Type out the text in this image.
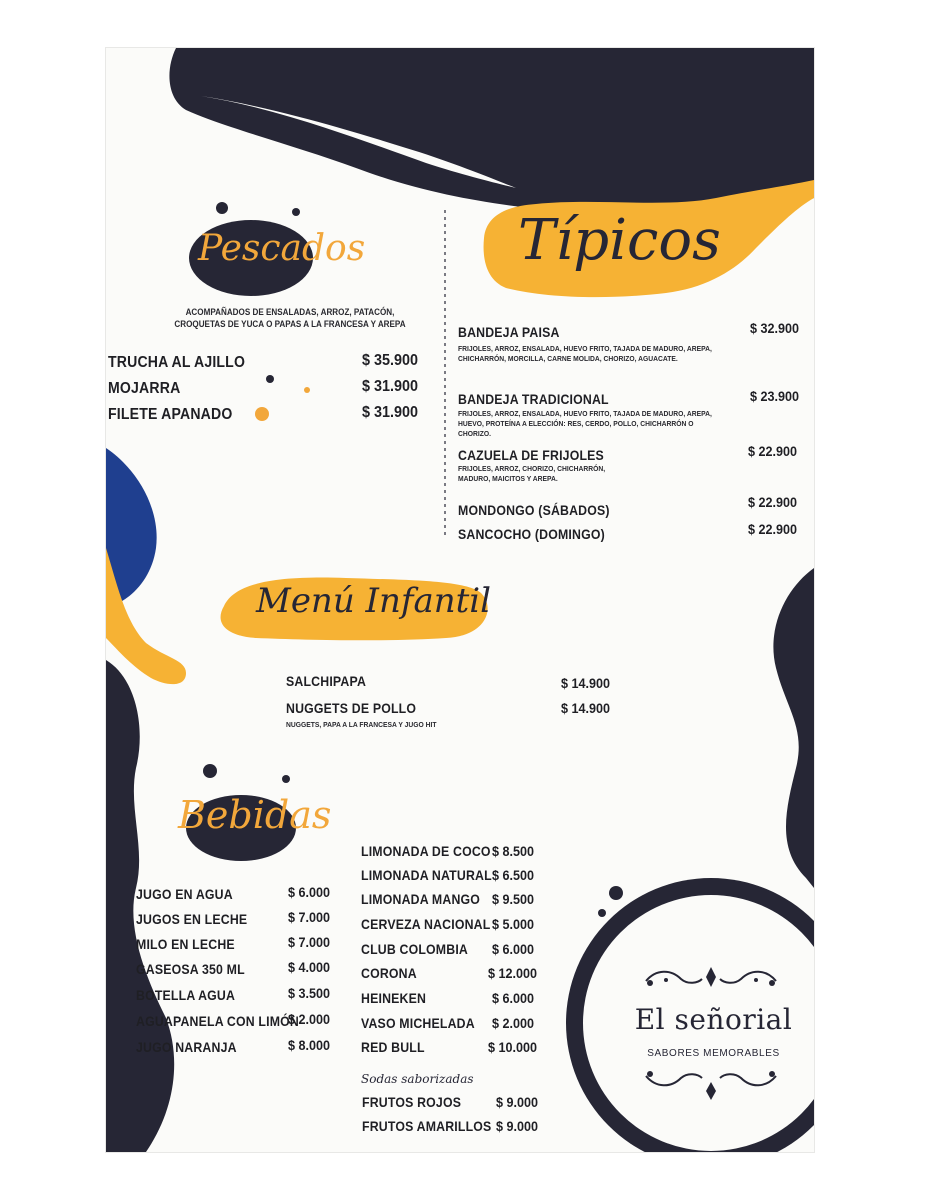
Pescados
ACOMPAÑADOS DE ENSALADAS, ARROZ, PATACÓN,
CROQUETAS DE YUCA O PAPAS A LA FRANCESA Y AREPA
TRUCHA AL AJILLO	$ 35.900
MOJARRA	$ 31.900
FILETE APANADO	$ 31.900
Típicos
BANDEJA PAISA	$ 32.900
FRIJOLES, ARROZ, ENSALADA, HUEVO FRITO, TAJADA DE MADURO, AREPA, CHICHARRÓN, MORCILLA, CARNE MOLIDA, CHORIZO, AGUACATE.
BANDEJA TRADICIONAL	$ 23.900
FRIJOLES, ARROZ, ENSALADA, HUEVO FRITO, TAJADA DE MADURO, AREPA, HUEVO, PROTEÍNA A ELECCIÓN: RES, CERDO, POLLO, CHICHARRÓN O CHORIZO.
CAZUELA DE FRIJOLES	$ 22.900
FRIJOLES, ARROZ, CHORIZO, CHICHARRÓN, MADURO, MAICITOS Y AREPA.
MONDONGO (SÁBADOS)	$ 22.900
SANCOCHO (DOMINGO)	$ 22.900
Menú Infantil
SALCHIPAPA	$ 14.900
NUGGETS DE POLLO	$ 14.900
NUGGETS, PAPA A LA FRANCESA Y JUGO HIT
Bebidas
JUGO EN AGUA	$ 6.000
JUGOS EN LECHE	$ 7.000
MILO EN LECHE	$ 7.000
GASEOSA 350 ML	$ 4.000
BOTELLA AGUA	$ 3.500
AGUAPANELA CON LIMÓN
$ 2.000
JUGO NARANJA	$ 8.000
LIMONADA DE COCO $ 8.500
LIMONADA NATURAL $ 6.500
LIMONADA MANGO $ 9.500
CERVEZA NACIONAL $ 5.000
CLUB COLOMBIA $ 6.000
CORONA	$ 12.000
HEINEKEN	$ 6.000
VASO MICHELADA $ 2.000
RED BULL	$ 10.000
Sodas saborizadas
FRUTOS ROJOS $ 9.000
FRUTOS AMARILLOS $ 9.000
El señorial
SABORES MEMORABLES
